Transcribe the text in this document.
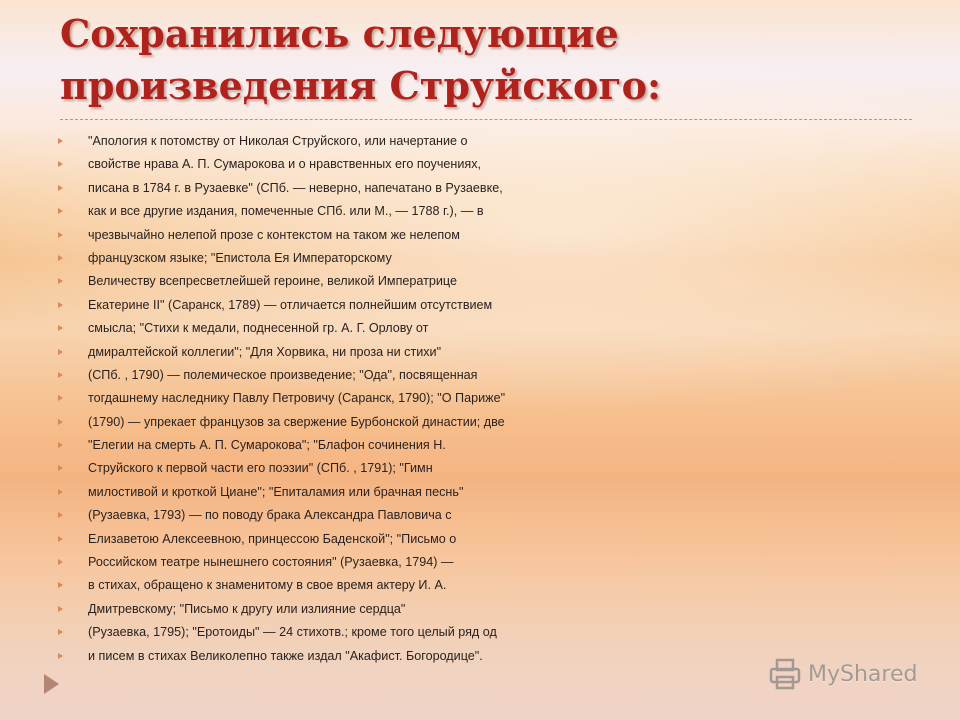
Сохранились следующие произведения Струйского:
"Апология к потомству от Николая Струйского, или начертание о
свойстве нрава А. П. Сумарокова и о нравственных его поучениях,
писана в 1784 г. в Рузаевке" (СПб. — неверно, напечатано в Рузаевке,
как и все другие издания, помеченные СПб. или М., — 1788 г.), — в
чрезвычайно нелепой прозе с контекстом на таком же нелепом
французском языке; "Епистола Ея Императорскому
Величеству всепресветлейшей героине, великой Императрице
Екатерине II" (Саранск, 1789) — отличается полнейшим отсутствием
смысла; "Стихи к медали, поднесенной гр. А. Г. Орлову от
дмиралтейской коллегии"; "Для Хорвика, ни проза ни стихи"
(СПб. , 1790) — полемическое произведение; "Ода", посвященная
тогдашнему наследнику Павлу Петровичу (Саранск, 1790); "О Париже"
(1790) — упрекает французов за свержение Бурбонской династии; две
"Елегии на смерть А. П. Сумарокова"; "Блафон сочинения Н.
Струйского к первой части его поэзии" (СПб. , 1791); "Гимн
милостивой и кроткой Циане"; "Епиталамия или брачная песнь"
(Рузаевка, 1793) — по поводу брака Александра Павловича с
Елизаветою Алексеевною, принцессою Баденской"; "Письмо о
Российском театре нынешнего состояния" (Рузаевка, 1794) —
в стихах, обращено к знаменитому в свое время актеру И. А.
Дмитревскому; "Письмо к другу или излияние сердца"
(Рузаевка, 1795); "Еротоиды" — 24 стихотв.; кроме того целый ряд од
и писем в стихах Великолепно также издал "Акафист. Богородице".
MyShared
